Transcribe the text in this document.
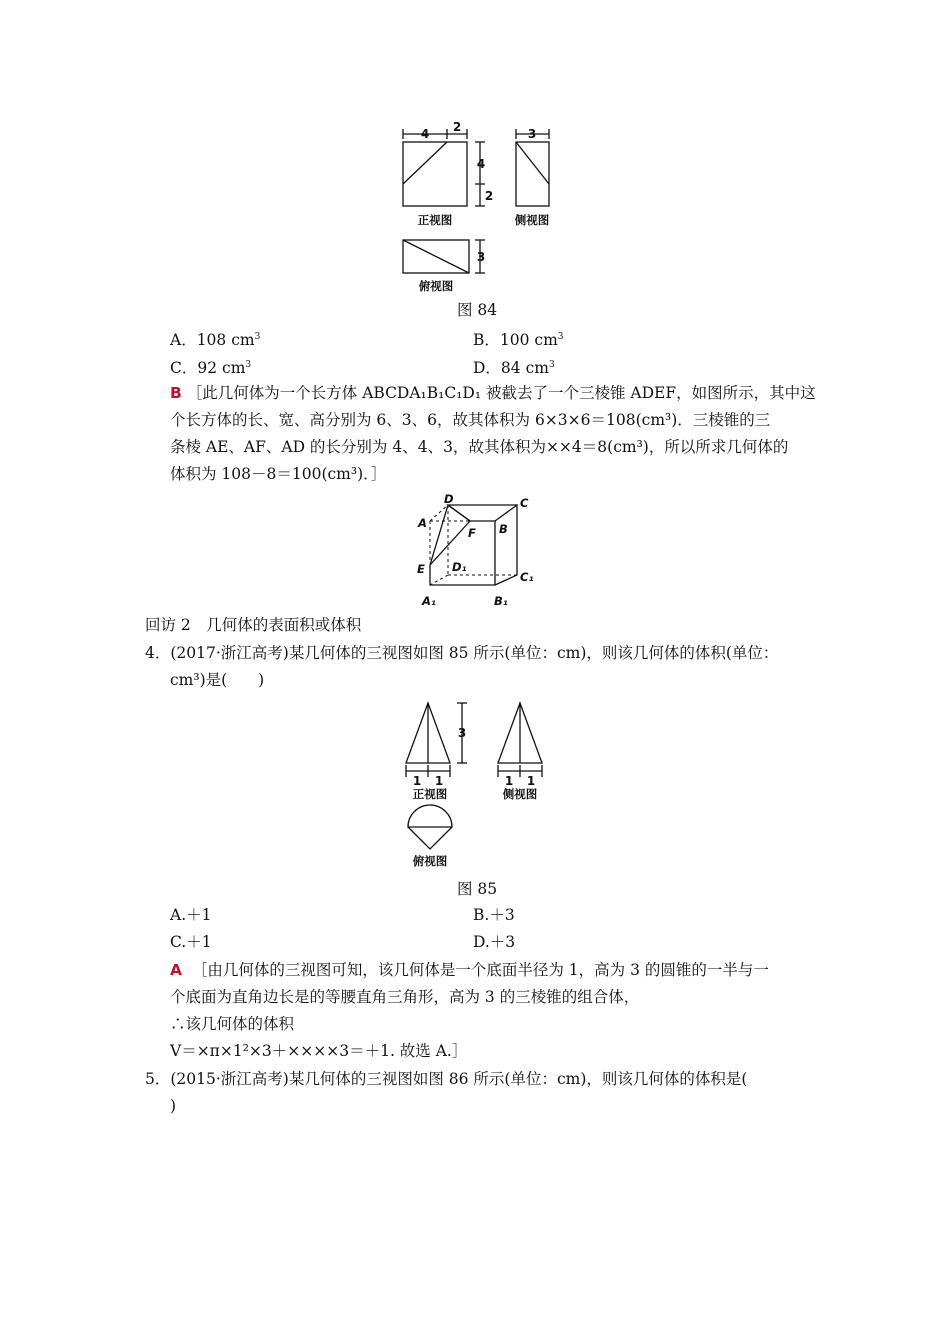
4 2	3
4
2
3
正视图	侧视图
俯视图
图 84
A．108 $cm^3$	B．100 $cm^3$
C．92 $cm^3$	D．84 $cm^3$
B ［此几何体为一个长方体 ABCDA₁B₁C₁D₁ 被截去了一个三棱锥 ADEF，如图所示，其中这
个长方体的长、宽、高分别为 6、3、6，故其体积为 6×3×6＝108(cm³)．三棱锥的三
条棱 AE、AF、AD 的长分别为 4、4、3，故其体积为××4＝8(cm³)，所以所求几何体的
体积为 108－8＝100(cm³)．］
D	C
A	B
F
E D₁
C₁
A₁	B₁
回访 2　几何体的表面积或体积
4．(2017·浙江高考)某几何体的三视图如图 85 所示(单位：cm)，则该几何体的体积(单位：
cm³)是(　　)
3
1 1	1 1
正视图	侧视图
俯视图
图 85
A.＋1	B.＋3
C.＋1	D.＋3
A ［由几何体的三视图可知，该几何体是一个底面半径为 1，高为 3 的圆锥的一半与一
个底面为直角边长是的等腰直角三角形，高为 3 的三棱锥的组合体，
∴该几何体的体积
V＝×π×1²×3＋××××3＝＋1. 故选 A.］
5．(2015·浙江高考)某几何体的三视图如图 86 所示(单位：cm)，则该几何体的体积是(
)
